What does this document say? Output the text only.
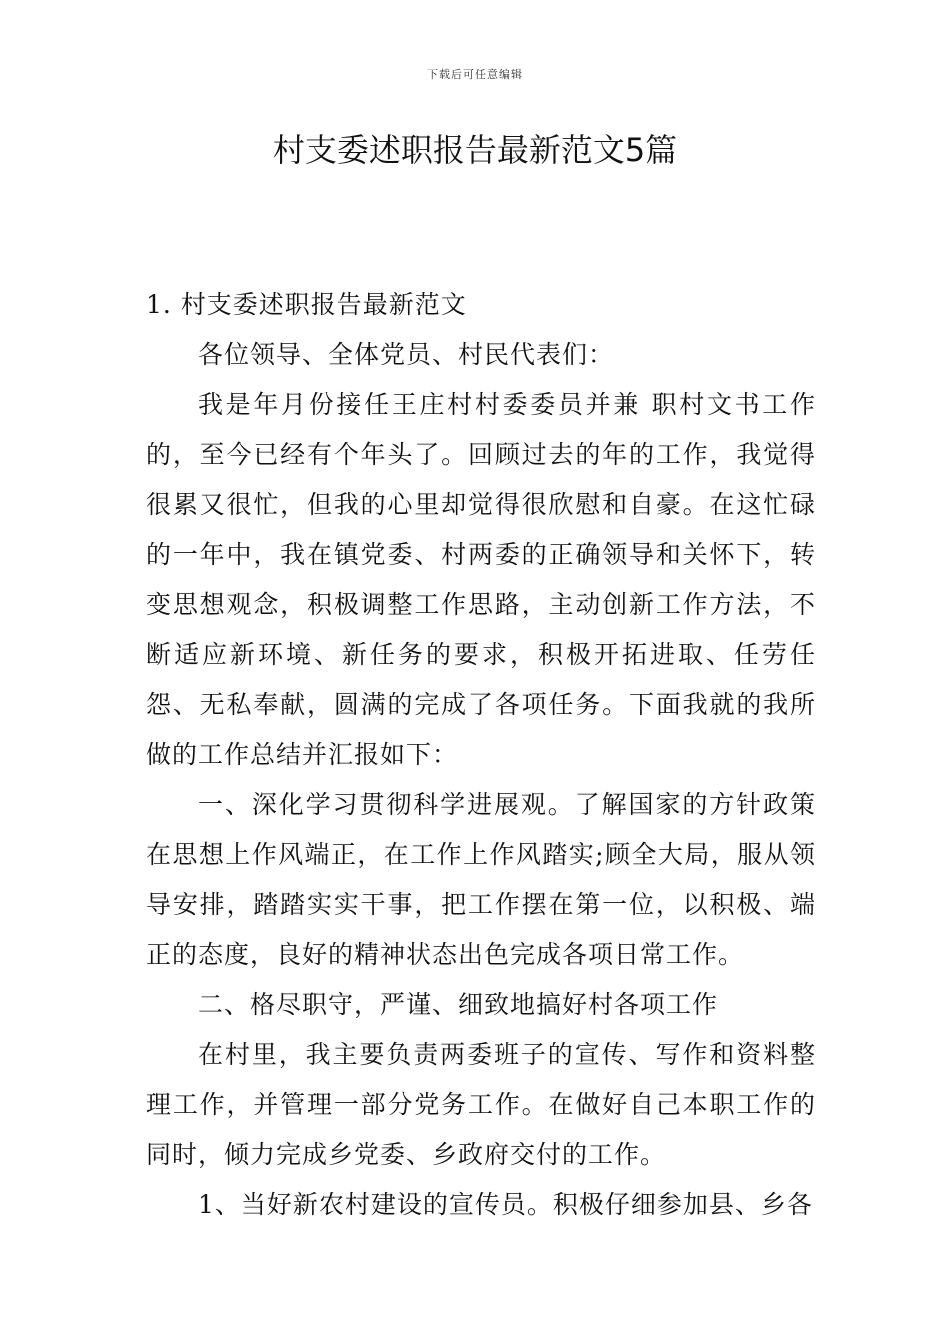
下载后可任意编辑
村支委述职报告最新范文5篇

1. 村支委述职报告最新范文

各位领导、全体党员、村民代表们：

我是年月份接任王庄村村委委员并兼 职村文书工作的，至今已经有个年头了。回顾过去的年的工作，我觉得很累又很忙，但我的心里却觉得很欣慰和自豪。在这忙碌的一年中，我在镇党委、村两委的正确领导和关怀下，转变思想观念，积极调整工作思路，主动创新工作方法，不断适应新环境、新任务的要求，积极开拓进取、任劳任怨、无私奉献，圆满的完成了各项任务。下面我就的我所做的工作总结并汇报如下：

一、深化学习贯彻科学进展观。了解国家的方针政策在思想上作风端正，在工作上作风踏实;顾全大局，服从领导安排，踏踏实实干事，把工作摆在第一位，以积极、端正的态度，良好的精神状态出色完成各项日常工作。

二、格尽职守，严谨、细致地搞好村各项工作

在村里，我主要负责两委班子的宣传、写作和资料整理工作，并管理一部分党务工作。在做好自己本职工作的同时，倾力完成乡党委、乡政府交付的工作。

1、当好新农村建设的宣传员。积极仔细参加县、乡各
